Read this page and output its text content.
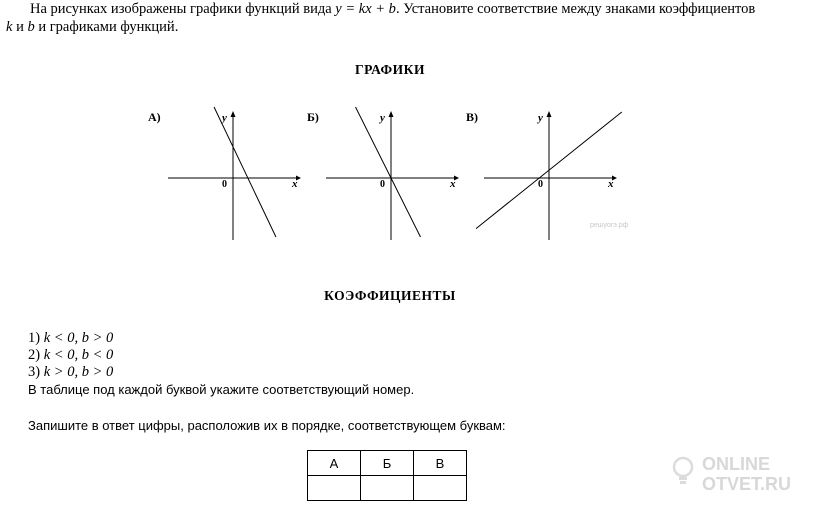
На рисунках изображены графики функций вида y = kx + b. Установите соответствие между знаками коэффициентов
k и b и графиками функций.
ГРАФИКИ
А)	y
x
0
Б)	y
x
0
В)	y
x
0
решуогэ.рф
КОЭФФИЦИЕНТЫ
1) k < 0, b > 0
2) k < 0, b < 0
3) k > 0, b > 0
В таблице под каждой буквой укажите соответствующий номер.
Запишите в ответ цифры, расположив их в порядке, соответствующем буквам:
А	Б	В
			ONLINE
OTVET.RU
